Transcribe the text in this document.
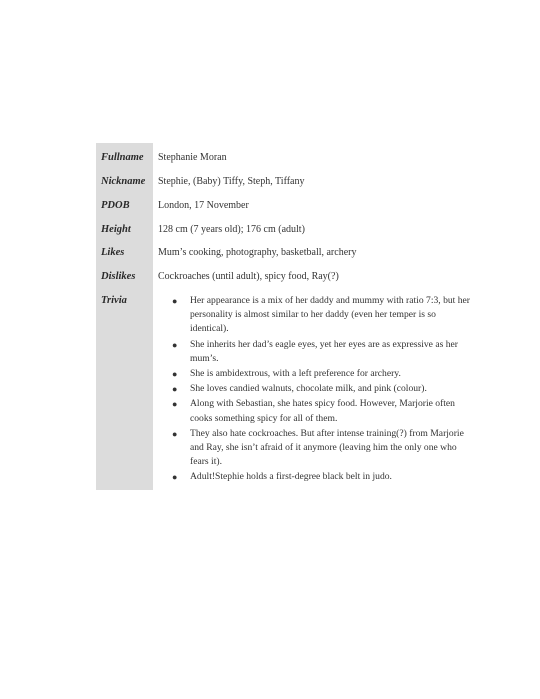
Fullname Stephanie Moran
Nickname Stephie, (Baby) Tiffy, Steph, Tiffany
PDOB	London, 17 November
Height	128 cm (7 years old); 176 cm (adult)
Likes	Mum’s cooking, photography, basketball, archery
Dislikes Cockroaches (until adult), spicy food, Ray(?)
Trivia	●	Her appearance is a mix of her daddy and mummy with ratio 7:3, but her personality is almost similar to her daddy (even her temper is so identical).
●	She inherits her dad’s eagle eyes, yet her eyes are as expressive as her mum’s.
●	She is ambidextrous, with a left preference for archery.
●	She loves candied walnuts, chocolate milk, and pink (colour).
●	Along with Sebastian, she hates spicy food. However, Marjorie often cooks something spicy for all of them.
●	They also hate cockroaches. But after intense training(?) from Marjorie and Ray, she isn’t afraid of it anymore (leaving him the only one who fears it).
●	Adult!Stephie holds a first-degree black belt in judo.
